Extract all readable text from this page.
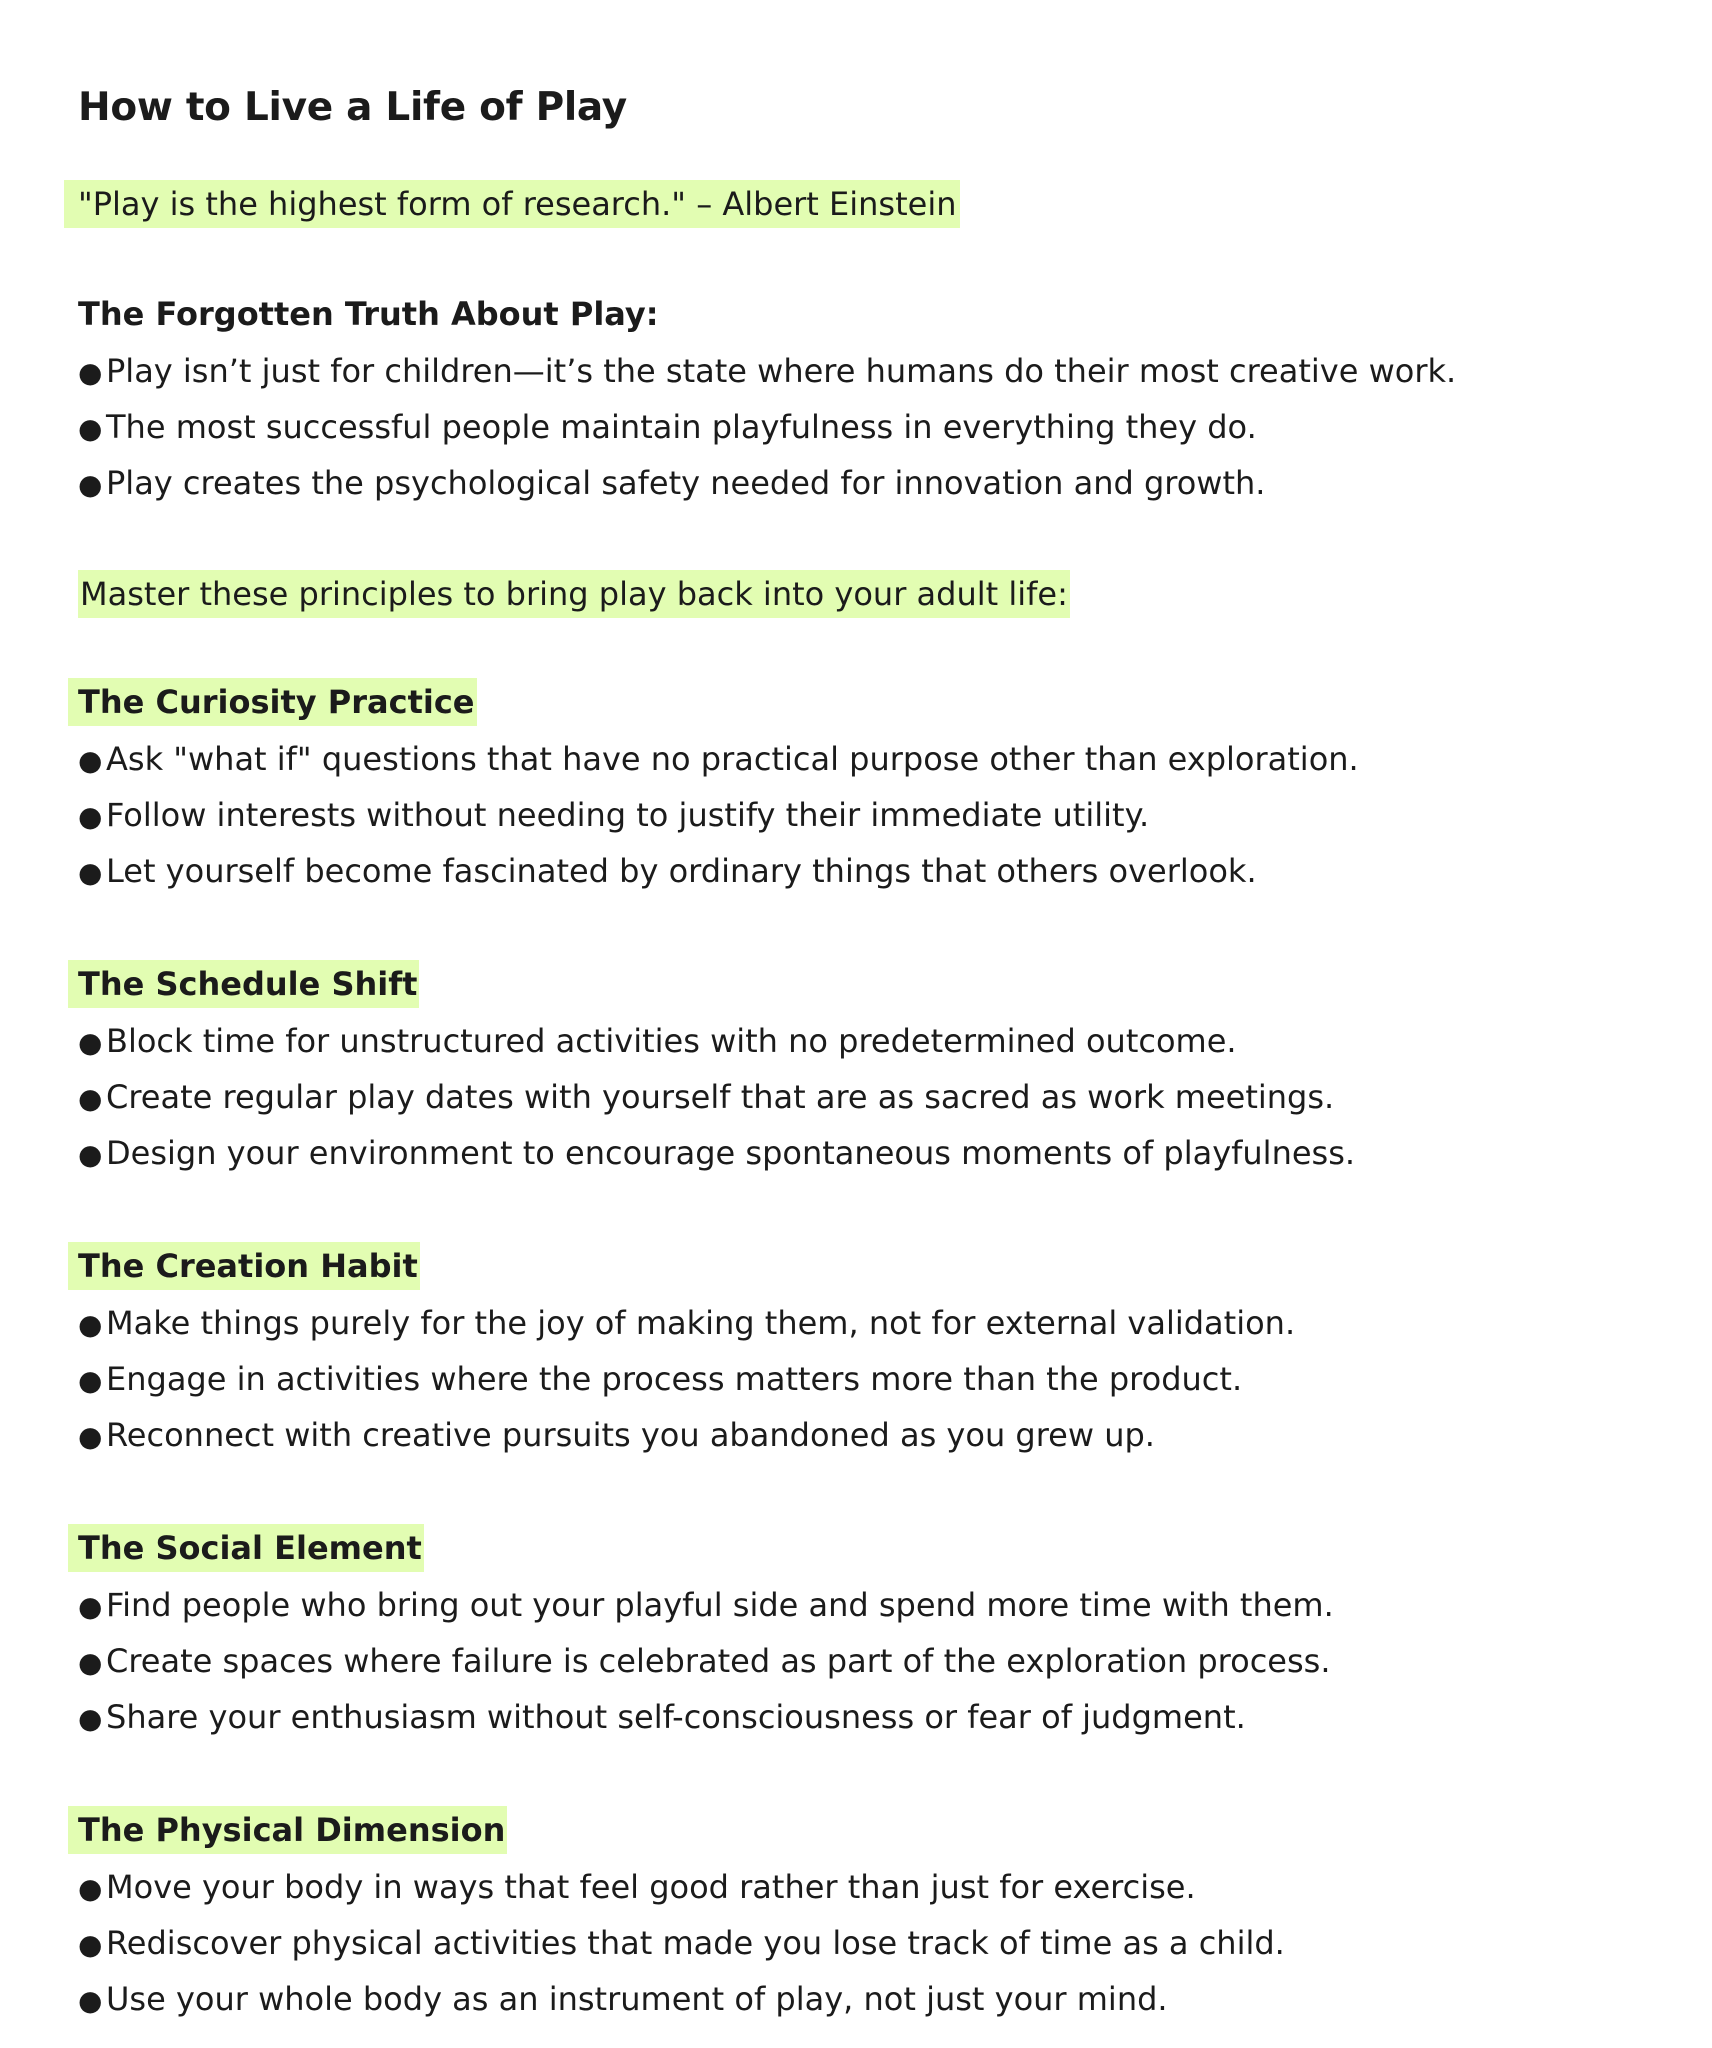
How to Live a Life of Play
"Play is the highest form of research." – Albert Einstein
The Forgotten Truth About Play:
● Play isn’t just for children—it’s the state where humans do their most creative work.
● The most successful people maintain playfulness in everything they do.
● Play creates the psychological safety needed for innovation and growth.
Master these principles to bring play back into your adult life:
The Curiosity Practice
● Ask "what if" questions that have no practical purpose other than exploration.
● Follow interests without needing to justify their immediate utility.
● Let yourself become fascinated by ordinary things that others overlook.
The Schedule Shift
● Block time for unstructured activities with no predetermined outcome.
● Create regular play dates with yourself that are as sacred as work meetings.
● Design your environment to encourage spontaneous moments of playfulness.
The Creation Habit
● Make things purely for the joy of making them, not for external validation.
● Engage in activities where the process matters more than the product.
● Reconnect with creative pursuits you abandoned as you grew up.
The Social Element
● Find people who bring out your playful side and spend more time with them.
● Create spaces where failure is celebrated as part of the exploration process.
● Share your enthusiasm without self-consciousness or fear of judgment.
The Physical Dimension
● Move your body in ways that feel good rather than just for exercise.
● Rediscover physical activities that made you lose track of time as a child.
● Use your whole body as an instrument of play, not just your mind.
